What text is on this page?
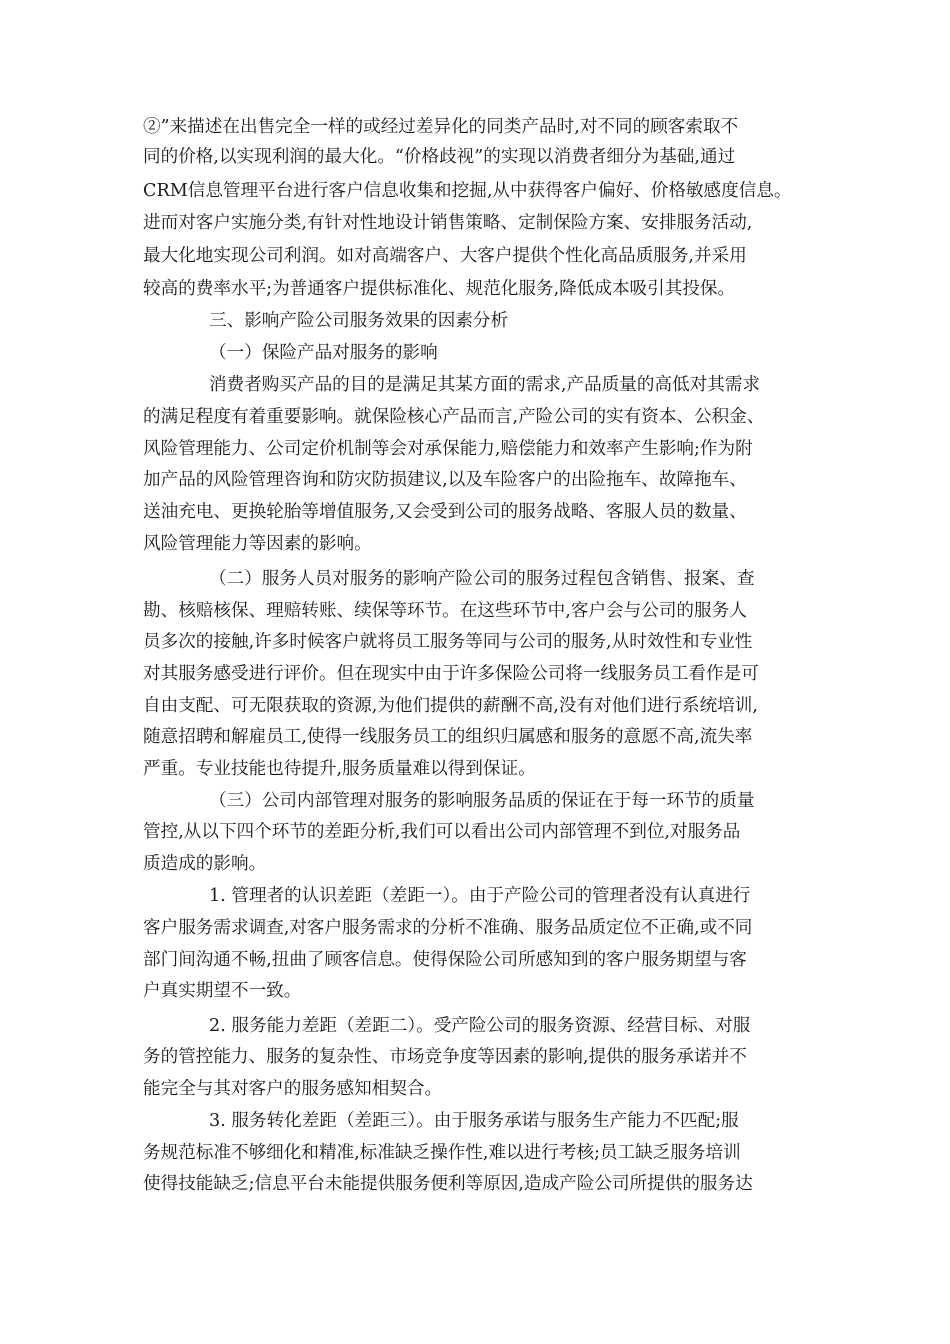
②”来描述在出售完全一样的或经过差异化的同类产品时,对不同的顾客索取不
同的价格,以实现利润的最大化。“价格歧视”的实现以消费者细分为基础,通过
CRM信息管理平台进行客户信息收集和挖掘,从中获得客户偏好、价格敏感度信息。
进而对客户实施分类,有针对性地设计销售策略、定制保险方案、安排服务活动,
最大化地实现公司利润。如对高端客户、大客户提供个性化高品质服务,并采用
较高的费率水平;为普通客户提供标准化、规范化服务,降低成本吸引其投保。
三、影响产险公司服务效果的因素分析
（一）保险产品对服务的影响
消费者购买产品的目的是满足其某方面的需求,产品质量的高低对其需求
的满足程度有着重要影响。就保险核心产品而言,产险公司的实有资本、公积金、
风险管理能力、公司定价机制等会对承保能力,赔偿能力和效率产生影响;作为附
加产品的风险管理咨询和防灾防损建议,以及车险客户的出险拖车、故障拖车、
送油充电、更换轮胎等增值服务,又会受到公司的服务战略、客服人员的数量、
风险管理能力等因素的影响。
（二）服务人员对服务的影响产险公司的服务过程包含销售、报案、查
勘、核赔核保、理赔转账、续保等环节。在这些环节中,客户会与公司的服务人
员多次的接触,许多时候客户就将员工服务等同与公司的服务,从时效性和专业性
对其服务感受进行评价。但在现实中由于许多保险公司将一线服务员工看作是可
自由支配、可无限获取的资源,为他们提供的薪酬不高,没有对他们进行系统培训,
随意招聘和解雇员工,使得一线服务员工的组织归属感和服务的意愿不高,流失率
严重。专业技能也待提升,服务质量难以得到保证。
（三）公司内部管理对服务的影响服务品质的保证在于每一环节的质量
管控,从以下四个环节的差距分析,我们可以看出公司内部管理不到位,对服务品
质造成的影响。
1. 管理者的认识差距（差距一）。由于产险公司的管理者没有认真进行
客户服务需求调查,对客户服务需求的分析不准确、服务品质定位不正确,或不同
部门间沟通不畅,扭曲了顾客信息。使得保险公司所感知到的客户服务期望与客
户真实期望不一致。
2. 服务能力差距（差距二）。受产险公司的服务资源、经营目标、对服
务的管控能力、服务的复杂性、市场竞争度等因素的影响,提供的服务承诺并不
能完全与其对客户的服务感知相契合。
3. 服务转化差距（差距三）。由于服务承诺与服务生产能力不匹配;服
务规范标准不够细化和精准,标准缺乏操作性,难以进行考核;员工缺乏服务培训
使得技能缺乏;信息平台未能提供服务便利等原因,造成产险公司所提供的服务达
